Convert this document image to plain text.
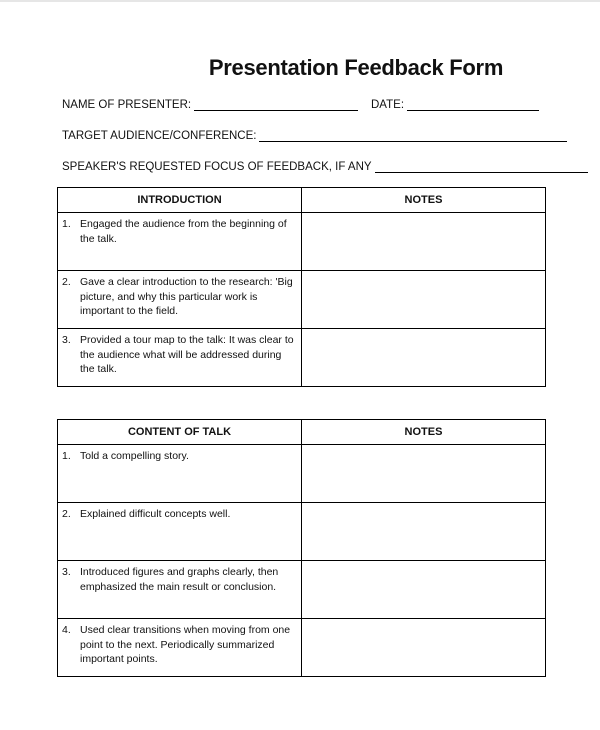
Presentation Feedback Form
NAME OF PRESENTER:	DATE:
TARGET AUDIENCE/CONFERENCE:
SPEAKER'S REQUESTED FOCUS OF FEEDBACK, IF ANY
INTRODUCTION	NOTES

1. Engaged the audience from the beginning of the talk.	

2. Gave a clear introduction to the research: 'Big picture, and why this particular work is important to the field.	

3. Provided a tour map to the talk: It was clear to the audience what will be addressed during the talk.	

CONTENT OF TALK	NOTES

1. Told a compelling story.	

2. Explained difficult concepts well.	

3. Introduced figures and graphs clearly, then emphasized the main result or conclusion.	

4. Used clear transitions when moving from one point to the next. Periodically summarized important points.	
